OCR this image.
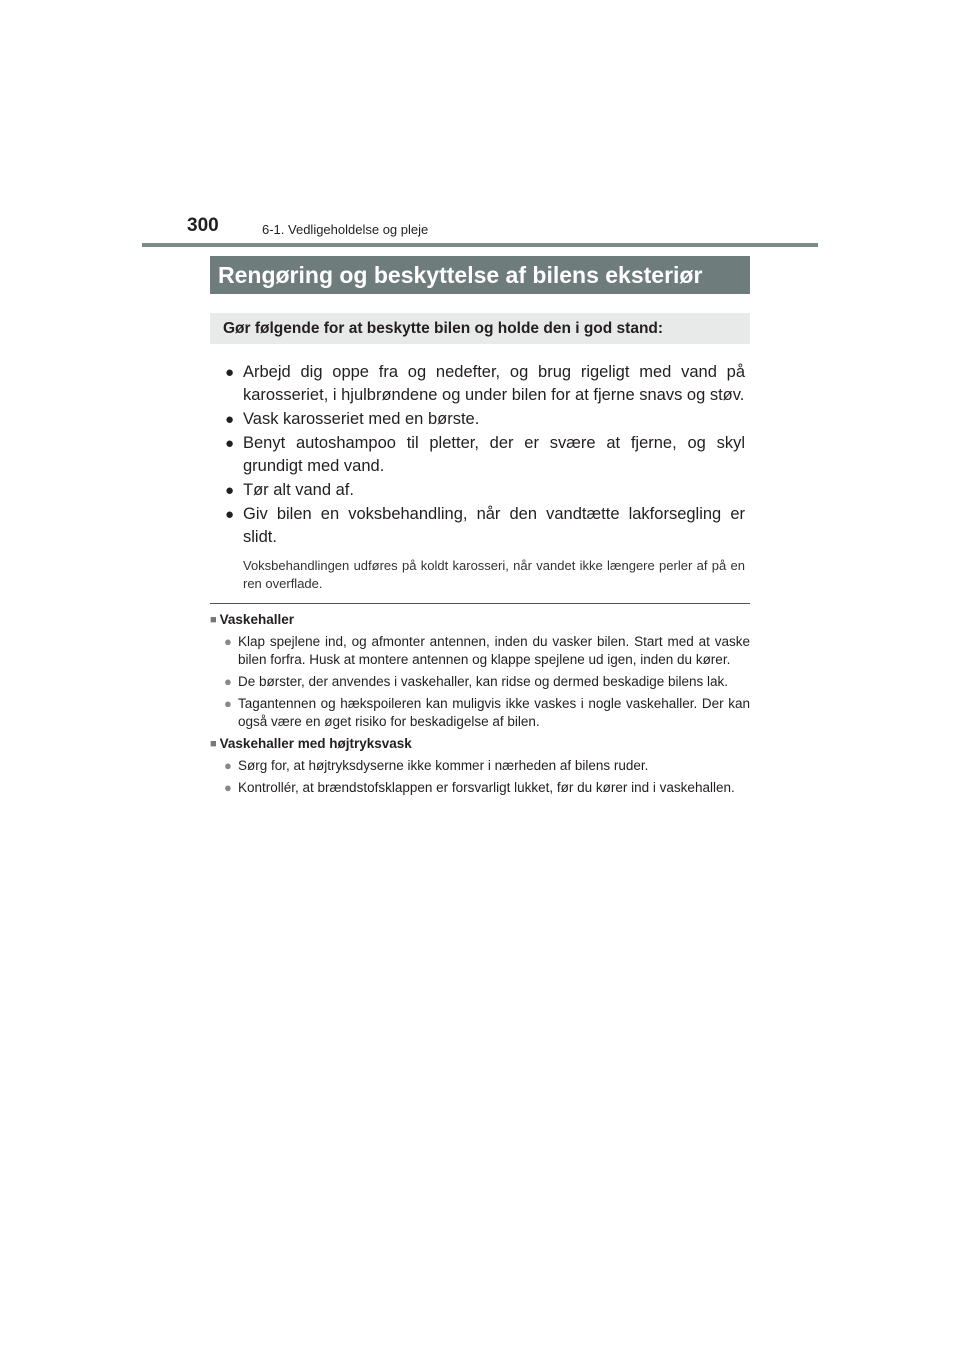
300	6-1. Vedligeholdelse og pleje
Rengøring og beskyttelse af bilens eksteriør
Gør følgende for at beskytte bilen og holde den i god stand:
● Arbejd dig oppe fra og nedefter, og brug rigeligt med vand på karosseriet, i hjulbrøndene og under bilen for at fjerne snavs og støv.
● Vask karosseriet med en børste.
● Benyt autoshampoo til pletter, der er svære at fjerne, og skyl grundigt med vand.
● Tør alt vand af.
● Giv bilen en voksbehandling, når den vandtætte lakforsegling er slidt.
Voksbehandlingen udføres på koldt karosseri, når vandet ikke længere perler af på en ren overflade.
■ Vaskehaller
● Klap spejlene ind, og afmonter antennen, inden du vasker bilen. Start med at vaske bilen forfra. Husk at montere antennen og klappe spejlene ud igen, inden du kører.
● De børster, der anvendes i vaskehaller, kan ridse og dermed beskadige bilens lak.
● Tagantennen og hækspoileren kan muligvis ikke vaskes i nogle vaskehaller. Der kan også være en øget risiko for beskadigelse af bilen.
■ Vaskehaller med højtryksvask
● Sørg for, at højtryksdyserne ikke kommer i nærheden af bilens ruder.
● Kontrollér, at brændstofsklappen er forsvarligt lukket, før du kører ind i vaskehallen.
